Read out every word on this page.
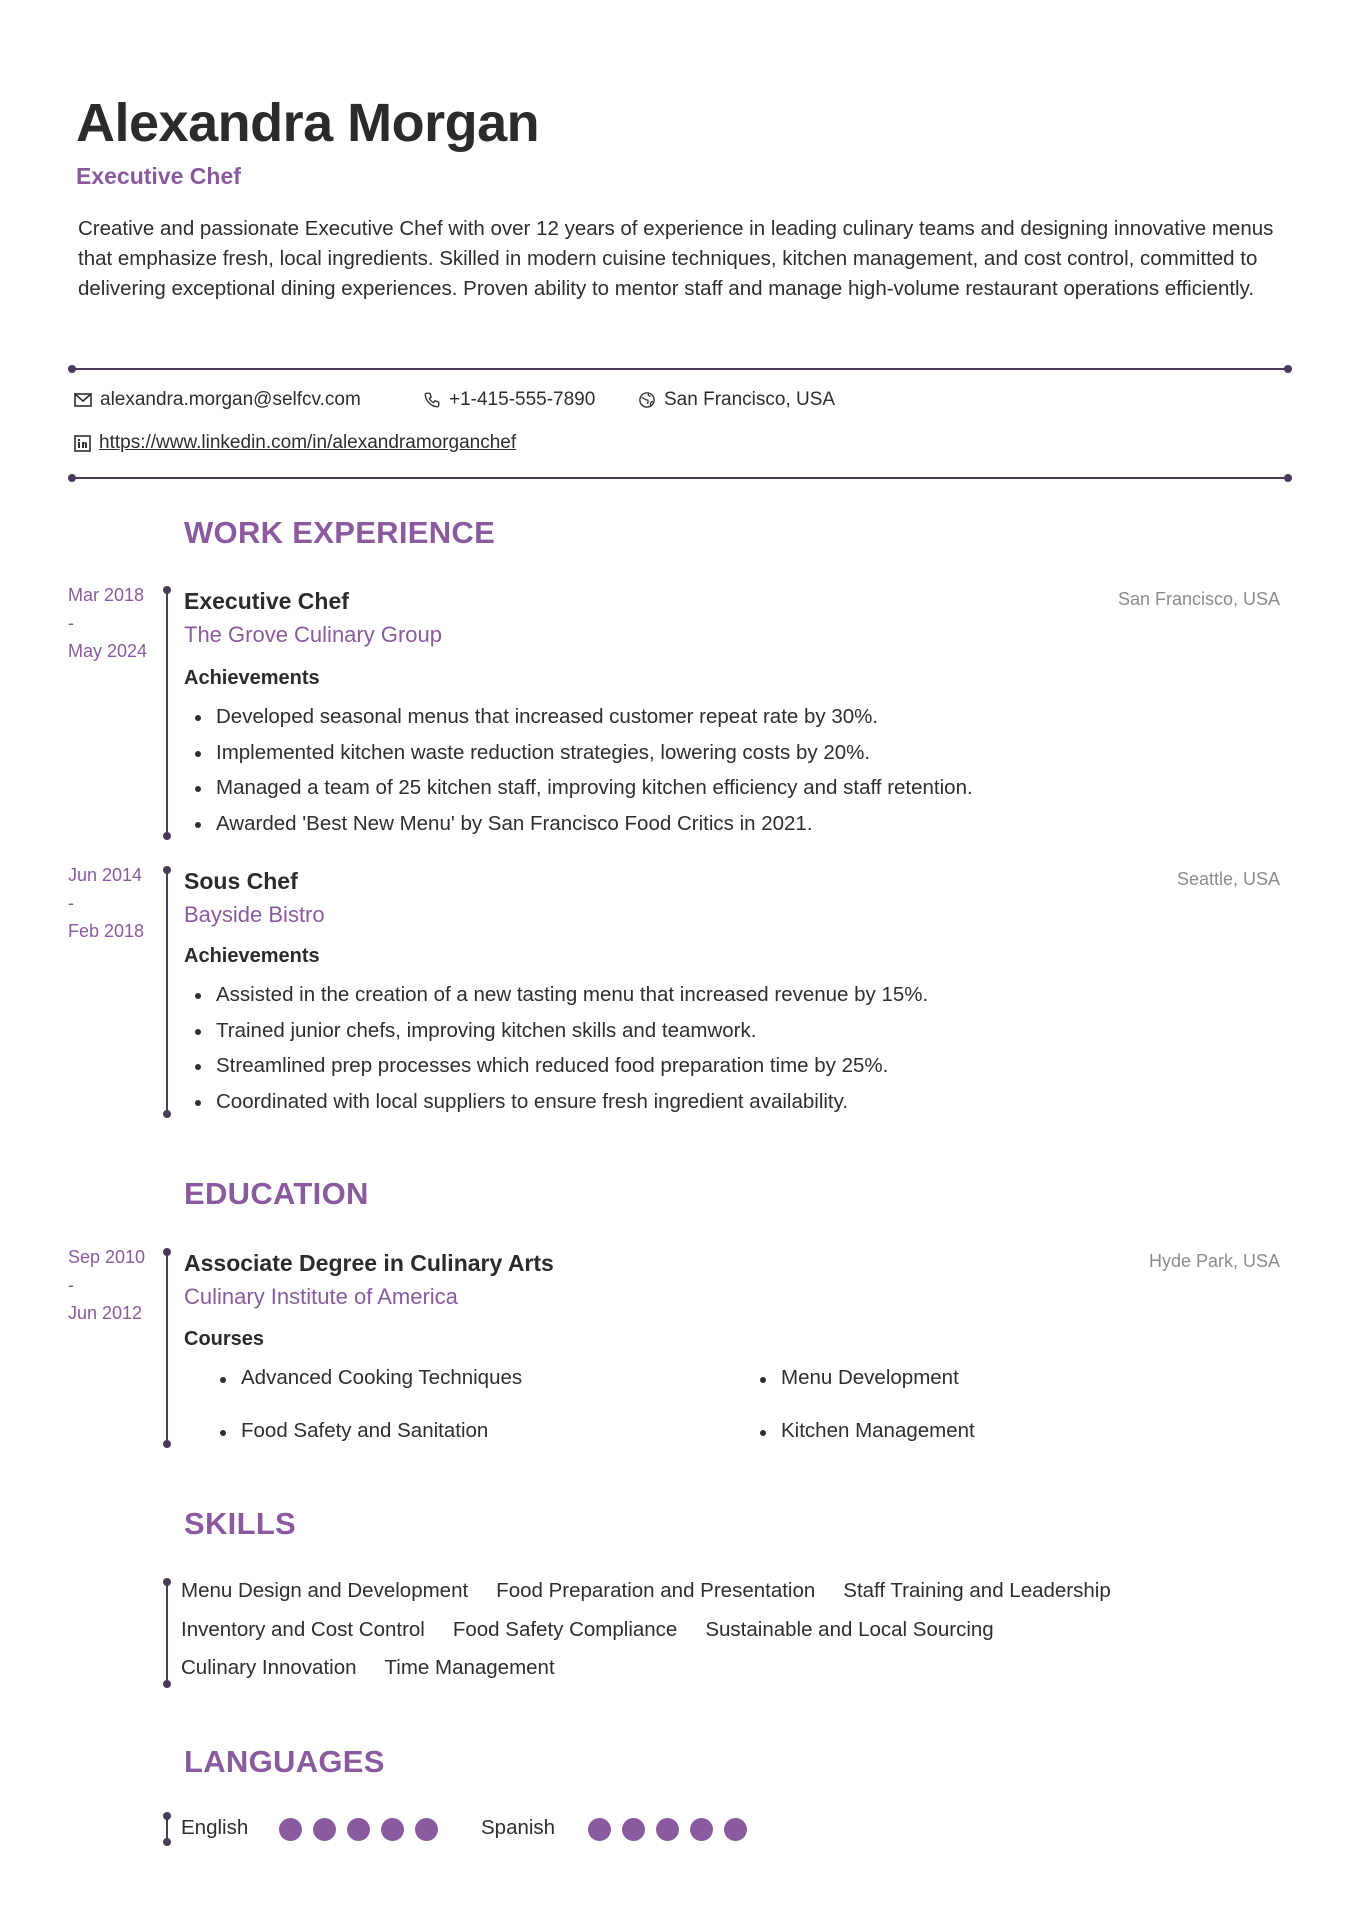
Alexandra Morgan
Executive Chef
Creative and passionate Executive Chef with over 12 years of experience in leading culinary teams and designing innovative menus that emphasize fresh, local ingredients. Skilled in modern cuisine techniques, kitchen management, and cost control, committed to delivering exceptional dining experiences. Proven ability to mentor staff and manage high-volume restaurant operations efficiently.
alexandra.morgan@selfcv.com	+1-415-555-7890	San Francisco, USA
https://www.linkedin.com/in/alexandramorganchef
WORK EXPERIENCE
Mar 2018
-
May 2024
Executive Chef	San Francisco, USA
The Grove Culinary Group
Achievements
Developed seasonal menus that increased customer repeat rate by 30%.
Implemented kitchen waste reduction strategies, lowering costs by 20%.
Managed a team of 25 kitchen staff, improving kitchen efficiency and staff retention.
Awarded 'Best New Menu' by San Francisco Food Critics in 2021.
Jun 2014
-
Feb 2018
Sous Chef	Seattle, USA
Bayside Bistro
Achievements
Assisted in the creation of a new tasting menu that increased revenue by 15%.
Trained junior chefs, improving kitchen skills and teamwork.
Streamlined prep processes which reduced food preparation time by 25%.
Coordinated with local suppliers to ensure fresh ingredient availability.
EDUCATION
Sep 2010
-
Jun 2012
Associate Degree in Culinary Arts	Hyde Park, USA
Culinary Institute of America
Courses
Advanced Cooking Techniques	Menu Development
Food Safety and Sanitation	Kitchen Management
SKILLS
Menu Design and Development Food Preparation and Presentation Staff Training and Leadership
Inventory and Cost Control Food Safety Compliance Sustainable and Local Sourcing
Culinary Innovation Time Management
LANGUAGES
English	Spanish
